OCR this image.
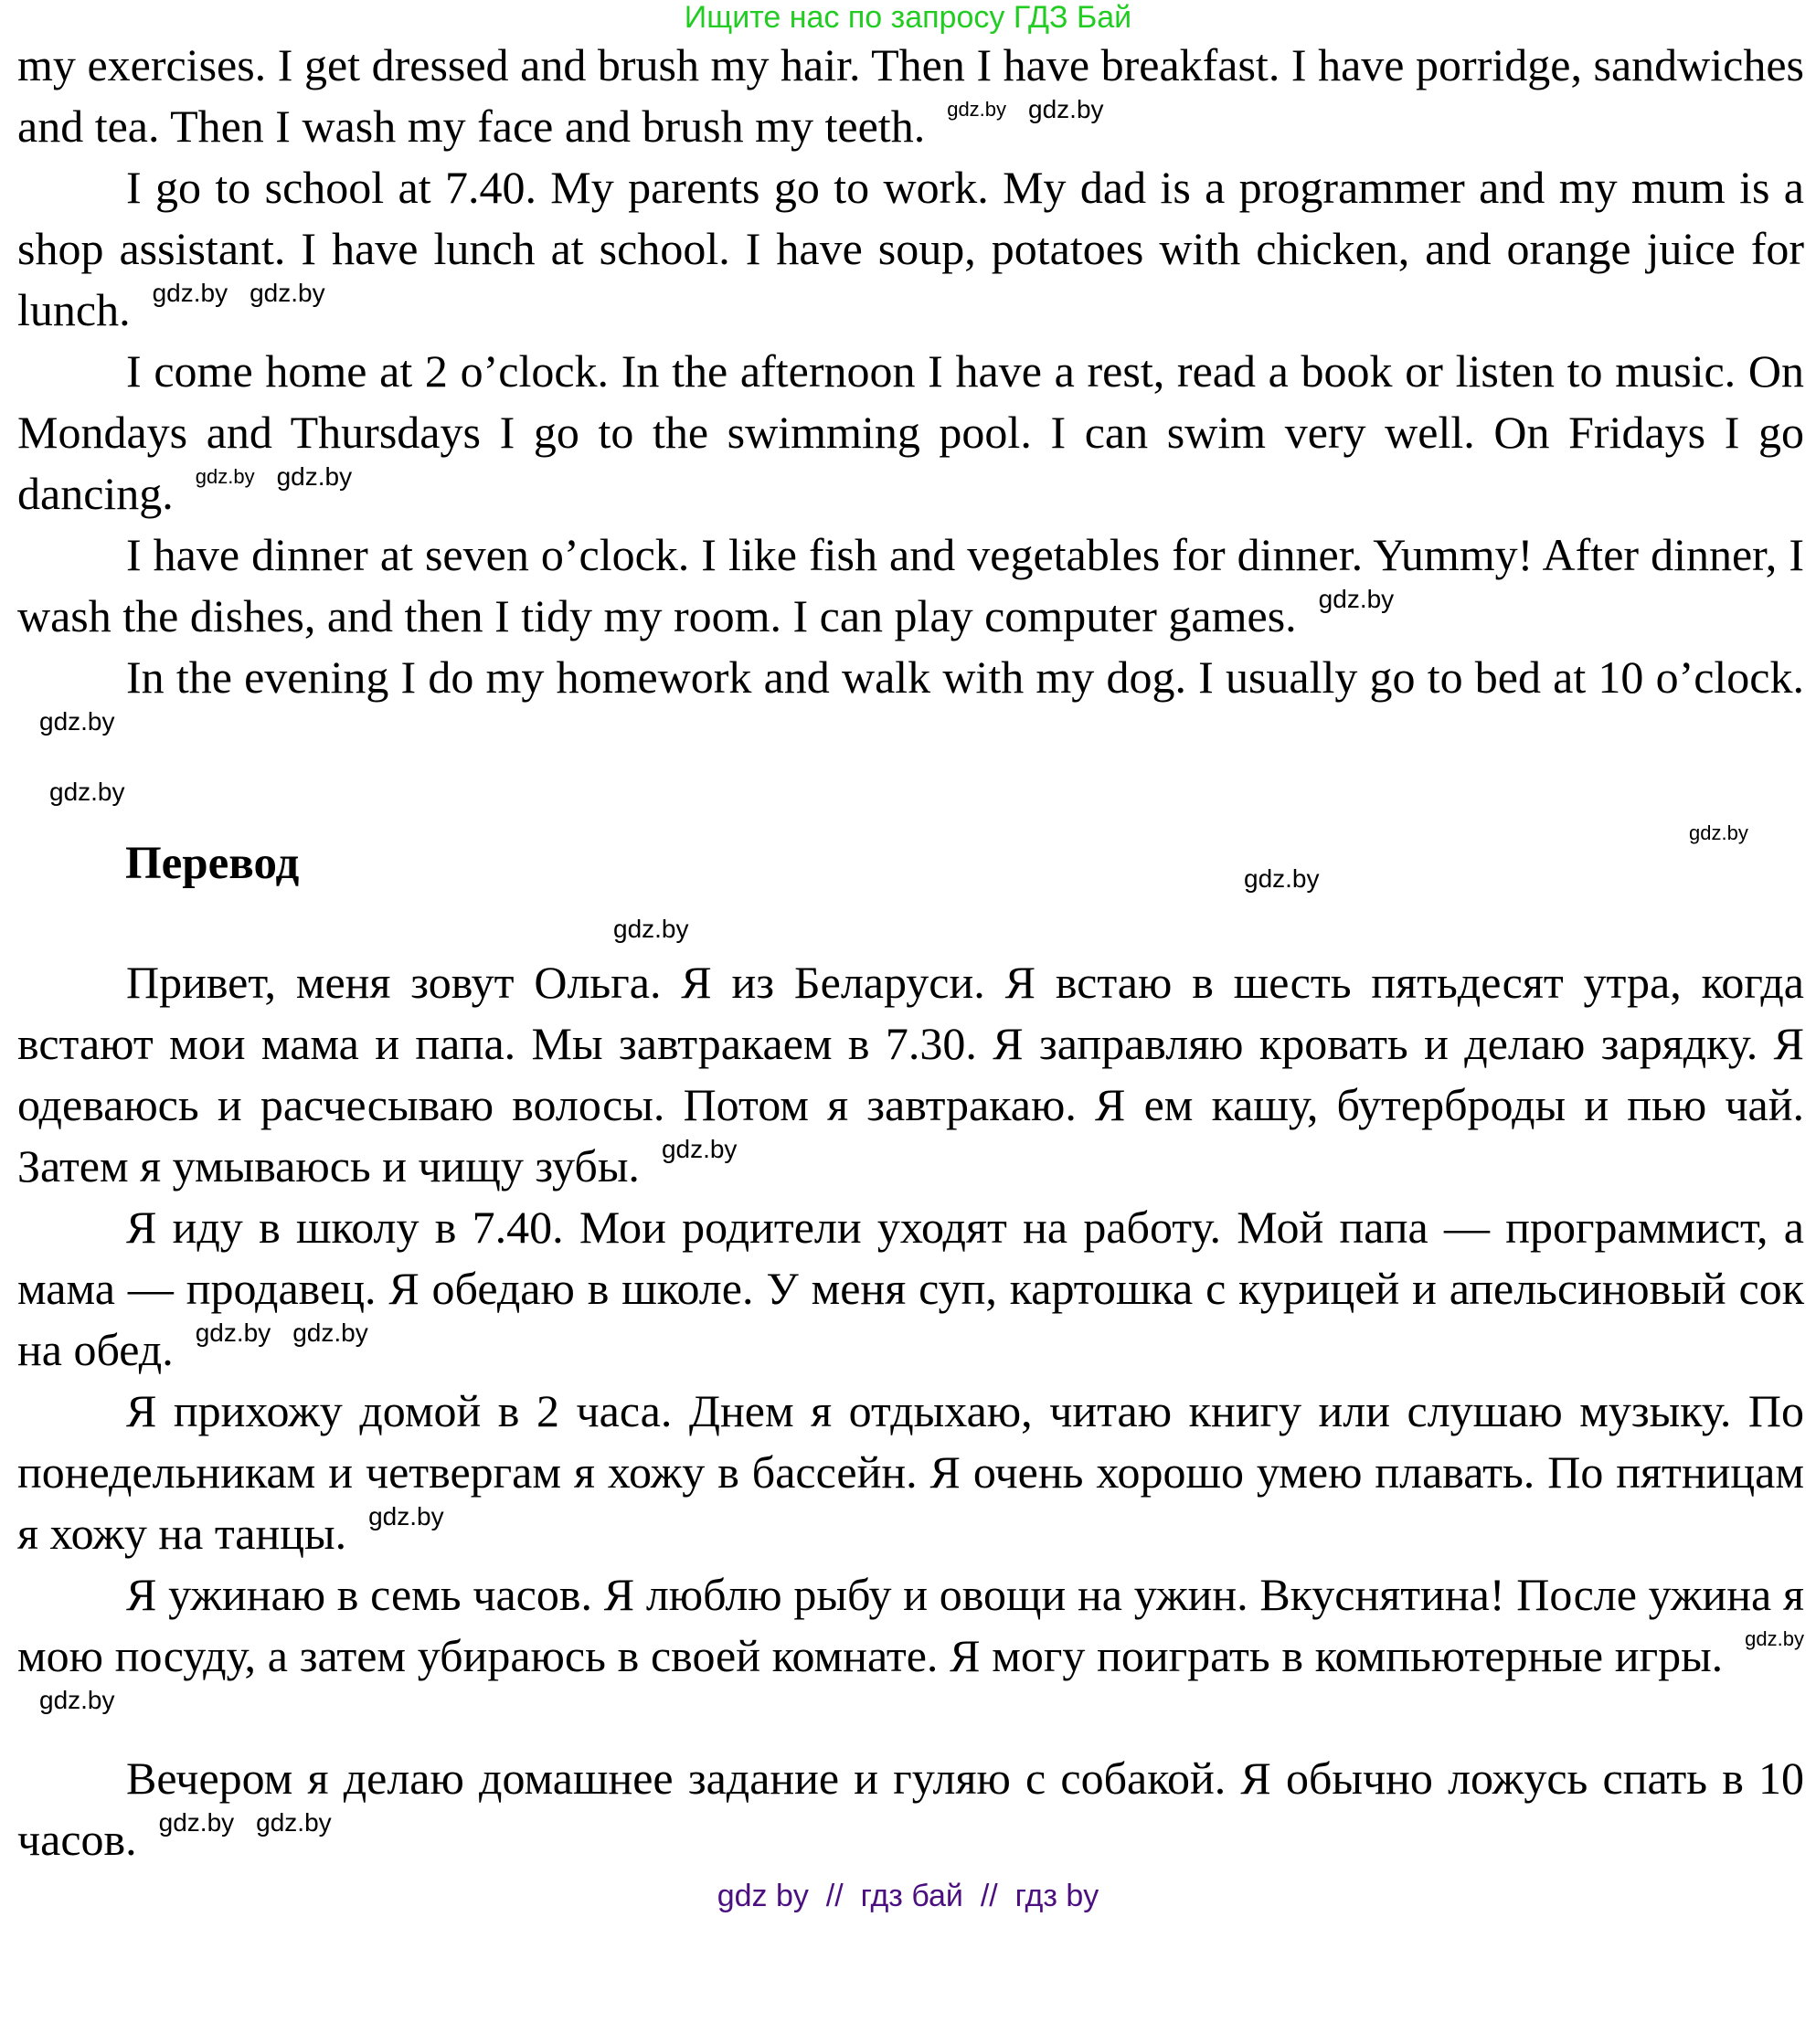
Ищите нас по запросу ГДЗ Бай

my exercises. I get dressed and brush my hair. Then I have breakfast. I have porridge, sandwiches and tea. Then I wash my face and brush my teeth. gdz.by gdz.by

I go to school at 7.40. My parents go to work. My dad is a programmer and my mum is a shop assistant. I have lunch at school. I have soup, potatoes with chicken, and orange juice for lunch. gdz.by gdz.by

I come home at 2 o’clock. In the afternoon I have a rest, read a book or listen to music. On Mondays and Thursdays I go to the swimming pool. I can swim very well. On Fridays I go dancing. gdz.by gdz.by

I have dinner at seven o’clock. I like fish and vegetables for dinner. Yummy! After dinner, I wash the dishes, and then I tidy my room. I can play computer games. gdz.by

In the evening I do my homework and walk with my dog. I usually go to bed at 10 o’clock.gdz.by

gdz.by
gdz.by
Перевод	gdz.by
gdz.by

Привет, меня зовут Ольга. Я из Беларуси. Я встаю в шесть пятьдесят утра, когда встают мои мама и папа. Мы завтракаем в 7.30. Я заправляю кровать и делаю зарядку. Я одеваюсь и расчесываю волосы. Потом я завтракаю. Я ем кашу, бутерброды и пью чай. Затем я умываюсь и чищу зубы. gdz.by

Я иду в школу в 7.40. Мои родители уходят на работу. Мой папа — программист, а мама — продавец. Я обедаю в школе. У меня суп, картошка с курицей и апельсиновый сок на обед. gdz.by gdz.by

Я прихожу домой в 2 часа. Днем я отдыхаю, читаю книгу или слушаю музыку. По понедельникам и четвергам я хожу в бассейн. Я очень хорошо умею плавать. По пятницам я хожу на танцы. gdz.by

Я ужинаю в семь часов. Я люблю рыбу и овощи на ужин. Вкуснятина! После ужина я мою посуду, а затем убираюсь в своей комнате. Я могу поиграть в компьютерные игры. gdz.bygdz.by

Вечером я делаю домашнее задание и гуляю с собакой. Я обычно ложусь спать в 10 часов. gdz.by gdz.by

gdz by  //  гдз бай  //  гдз by
